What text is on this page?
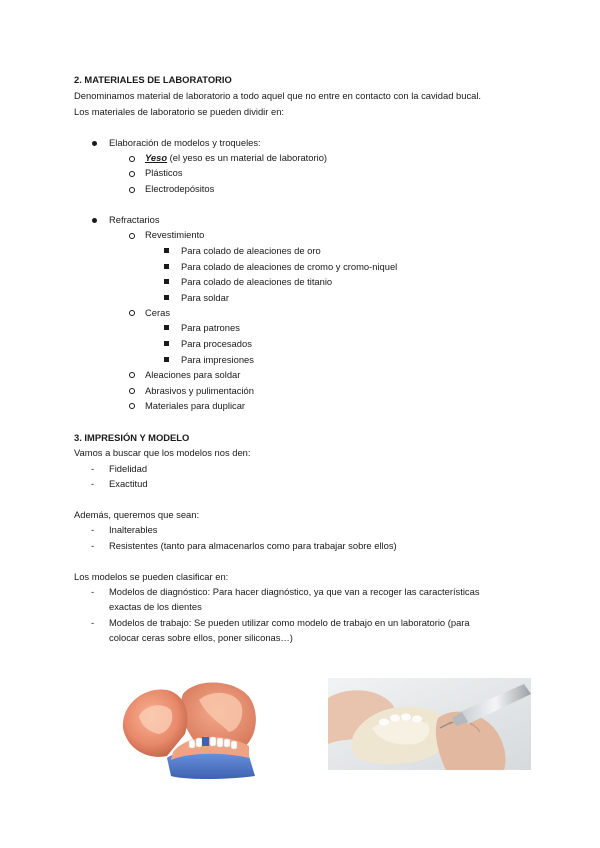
2. MATERIALES DE LABORATORIO
Denominamos material de laboratorio a todo aquel que no entre en contacto con la cavidad bucal.
Los materiales de laboratorio se pueden dividir en:
Elaboración de modelos y troqueles:
Yeso (el yeso es un material de laboratorio)
Plásticos
Electrodepósitos
Refractarios
Revestimiento
Para colado de aleaciones de oro
Para colado de aleaciones de cromo y cromo-niquel
Para colado de aleaciones de titanio
Para soldar
Ceras
Para patrones
Para procesados
Para impresiones
Aleaciones para soldar
Abrasivos y pulimentación
Materiales para duplicar
3. IMPRESIÓN Y MODELO
Vamos a buscar que los modelos nos den:
- Fidelidad
- Exactitud
Además, queremos que sean:
- Inalterables
- Resistentes (tanto para almacenarlos como para trabajar sobre ellos)
Los modelos se pueden clasificar en:
- Modelos de diagnóstico: Para hacer diagnóstico, ya que van a recoger las características
exactas de los dientes
- Modelos de trabajo: Se pueden utilizar como modelo de trabajo en un laboratorio (para
colocar ceras sobre ellos, poner siliconas…)
